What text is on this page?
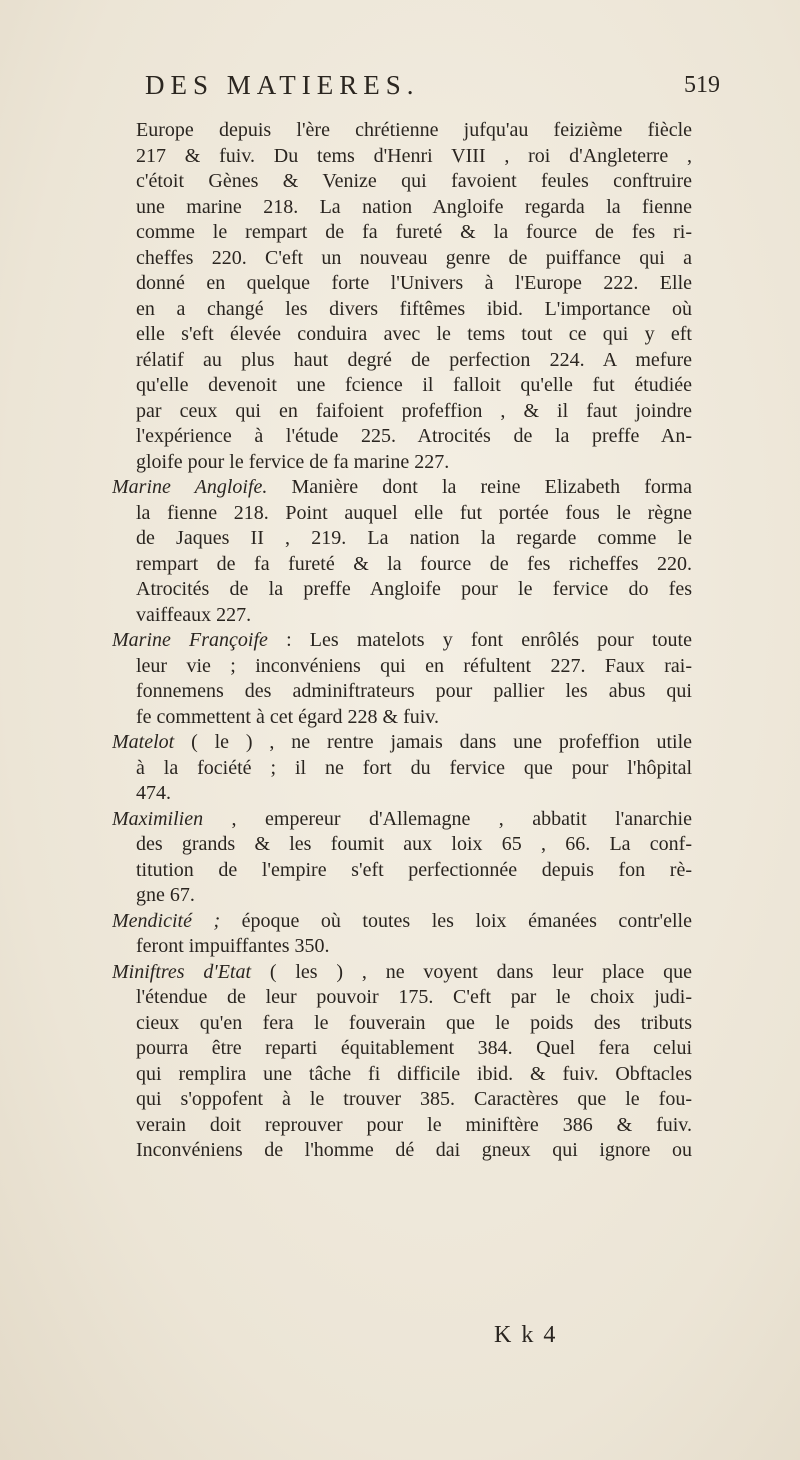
DES MATIERES.	519
Europe depuis l'ère chrétienne jufqu'au feizième fiècle
217 & fuiv. Du tems d'Henri VIII , roi d'Angleterre ,
c'étoit Gènes & Venize qui favoient feules conftruire
une marine 218. La nation Angloife regarda la fienne
comme le rempart de fa fureté & la fource de fes ri-
cheffes 220. C'eft un nouveau genre de puiffance qui a
donné en quelque forte l'Univers à l'Europe 222. Elle
en a changé les divers fiftêmes ibid. L'importance où
elle s'eft élevée conduira avec le tems tout ce qui y eft
rélatif au plus haut degré de perfection 224. A mefure
qu'elle devenoit une fcience il falloit qu'elle fut étudiée
par ceux qui en faifoient profeffion , & il faut joindre
l'expérience à l'étude 225. Atrocités de la preffe An-
gloife pour le fervice de fa marine 227.
Marine Angloife. Manière dont la reine Elizabeth forma
la fienne 218. Point auquel elle fut portée fous le règne
de Jaques II , 219. La nation la regarde comme le
rempart de fa fureté & la fource de fes richeffes 220.
Atrocités de la preffe Angloife pour le fervice do fes
vaiffeaux 227.
Marine Françoife : Les matelots y font enrôlés pour toute
leur vie ; inconvéniens qui en réfultent 227. Faux rai-
fonnemens des adminiftrateurs pour pallier les abus qui
fe commettent à cet égard 228 & fuiv.
Matelot ( le ) , ne rentre jamais dans une profeffion utile
à la fociété ; il ne fort du fervice que pour l'hôpital
474.
Maximilien , empereur d'Allemagne , abbatit l'anarchie
des grands & les foumit aux loix 65 , 66. La conf-
titution de l'empire s'eft perfectionnée depuis fon rè-
gne 67.
Mendicité ; époque où toutes les loix émanées contr'elle
feront impuiffantes 350.
Miniftres d'Etat ( les ) , ne voyent dans leur place que
l'étendue de leur pouvoir 175. C'eft par le choix judi-
cieux qu'en fera le fouverain que le poids des tributs
pourra être reparti équitablement 384. Quel fera celui
qui remplira une tâche fi difficile ibid. & fuiv. Obftacles
qui s'oppofent à le trouver 385. Caractères que le fou-
verain doit reprouver pour le miniftère 386 & fuiv.
Inconvéniens de l'homme dé dai gneux qui ignore ou
K k 4
